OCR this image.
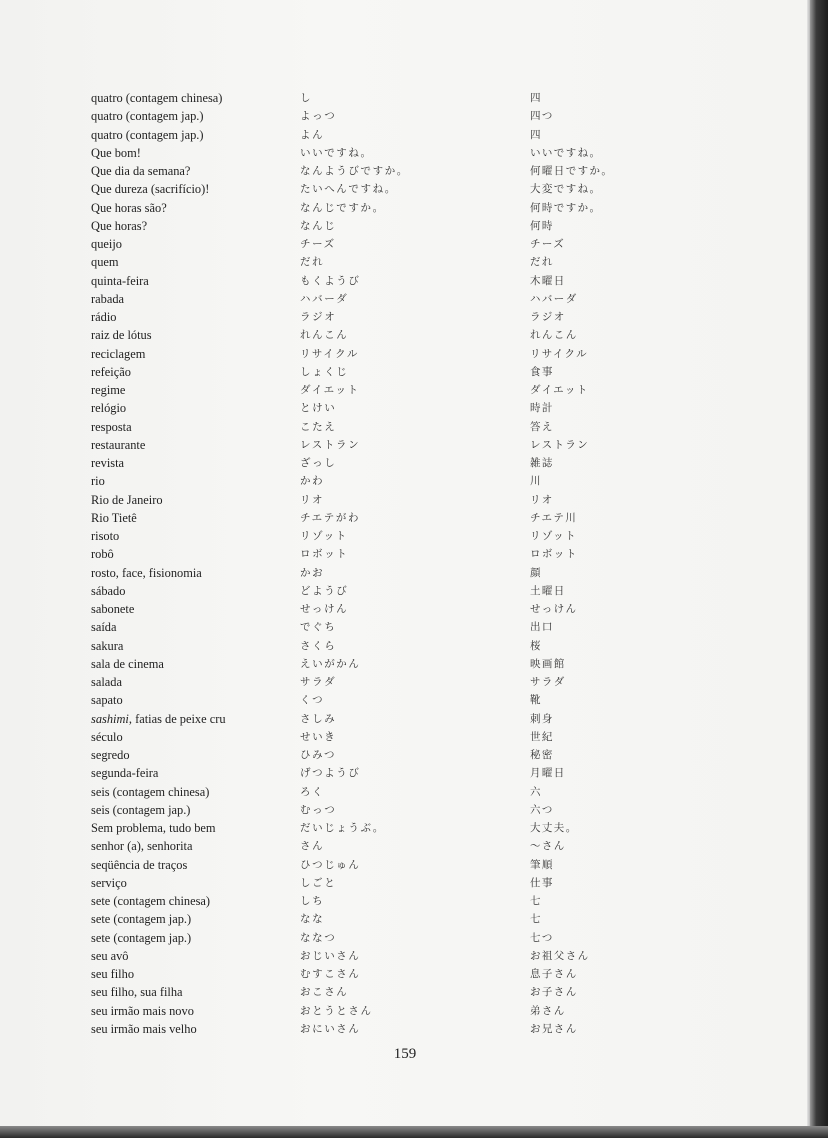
quatro (contagem chinesa)	し	四
quatro (contagem jap.)	よっつ	四つ
quatro (contagem jap.)	よん	四
Que bom!	いいですね。	いいですね。
Que dia da semana?	なんようびですか。	何曜日ですか。
Que dureza (sacrifício)!	たいへんですね。	大変ですね。
Que horas são?	なんじですか。	何時ですか。
Que horas?	なんじ	何時
queijo	チーズ	チーズ
quem	だれ	だれ
quinta-feira	もくようび	木曜日
rabada	ハバーダ	ハバーダ
rádio	ラジオ	ラジオ
raiz de lótus	れんこん	れんこん
reciclagem	リサイクル	リサイクル
refeição	しょくじ	食事
regime	ダイエット	ダイエット
relógio	とけい	時計
resposta	こたえ	答え
restaurante	レストラン	レストラン
revista	ざっし	雑誌
rio	かわ	川
Rio de Janeiro	リオ	リオ
Rio Tietê	チエテがわ	チエテ川
risoto	リゾット	リゾット
robô	ロボット	ロボット
rosto, face, fisionomia	かお	顔
sábado	どようび	土曜日
sabonete	せっけん	せっけん
saída	でぐち	出口
sakura	さくら	桜
sala de cinema	えいがかん	映画館
salada	サラダ	サラダ
sapato	くつ	靴
sashimi, fatias de peixe cru	さしみ	刺身
século	せいき	世紀
segredo	ひみつ	秘密
segunda-feira	げつようび	月曜日
seis (contagem chinesa)	ろく	六
seis (contagem jap.)	むっつ	六つ
Sem problema, tudo bem	だいじょうぶ。	大丈夫。
senhor (a), senhorita	さん	〜さん
seqüência de traços	ひつじゅん	筆順
serviço	しごと	仕事
sete (contagem chinesa)	しち	七
sete (contagem jap.)	なな	七
sete (contagem jap.)	ななつ	七つ
seu avô	おじいさん	お祖父さん
seu filho	むすこさん	息子さん
seu filho, sua filha	おこさん	お子さん
seu irmão mais novo	おとうとさん	弟さん
seu irmão mais velho	おにいさん	お兄さん
159
